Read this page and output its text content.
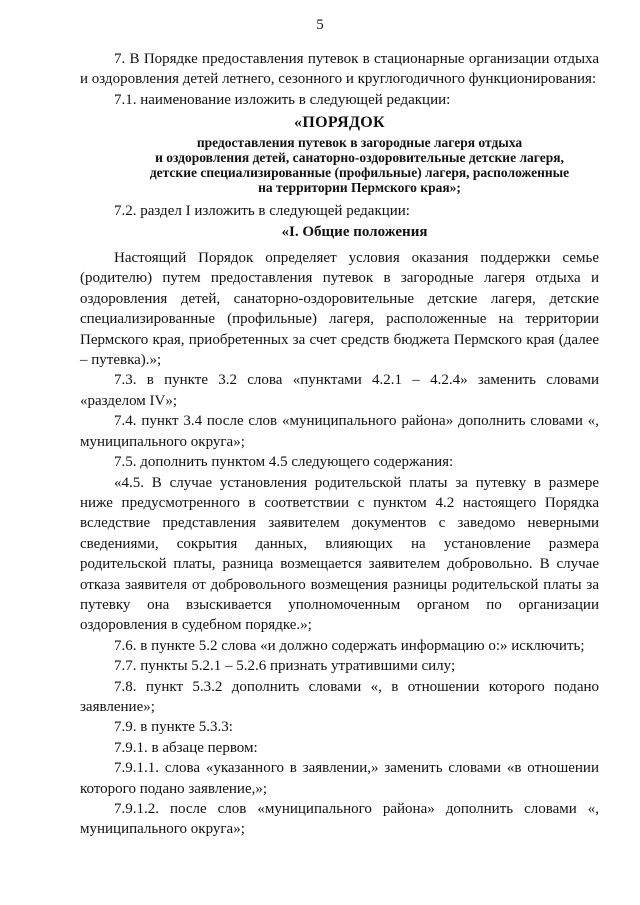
5

7. В Порядке предоставления путевок в стационарные организации отдыха и оздоровления детей летнего, сезонного и круглогодичного функционирования:

7.1. наименование изложить в следующей редакции:

«ПОРЯДОК
предоставления путевок в загородные лагеря отдыха
и оздоровления детей, санаторно-оздоровительные детские лагеря,
детские специализированные (профильные) лагеря, расположенные
на территории Пермского края»;

7.2. раздел I изложить в следующей редакции:

«I. Общие положения

Настоящий Порядок определяет условия оказания поддержки семье (родителю) путем предоставления путевок в загородные лагеря отдыха и оздоровления детей, санаторно-оздоровительные детские лагеря, детские специализированные (профильные) лагеря, расположенные на территории Пермского края, приобретенных за счет средств бюджета Пермского края (далее – путевка).»;

7.3. в пункте 3.2 слова «пунктами 4.2.1 – 4.2.4» заменить словами «разделом IV»;

7.4. пункт 3.4 после слов «муниципального района» дополнить словами «, муниципального округа»;

7.5. дополнить пунктом 4.5 следующего содержания:

«4.5. В случае установления родительской платы за путевку в размере ниже предусмотренного в соответствии с пунктом 4.2 настоящего Порядка вследствие представления заявителем документов с заведомо неверными сведениями, сокрытия данных, влияющих на установление размера родительской платы, разница возмещается заявителем добровольно. В случае отказа заявителя от добровольного возмещения разницы родительской платы за путевку она взыскивается уполномоченным органом по организации оздоровления в судебном порядке.»;

7.6. в пункте 5.2 слова «и должно содержать информацию о:» исключить;

7.7. пункты 5.2.1 – 5.2.6 признать утратившими силу;

7.8. пункт 5.3.2 дополнить словами «, в отношении которого подано заявление»;

7.9. в пункте 5.3.3:

7.9.1. в абзаце первом:

7.9.1.1. слова «указанного в заявлении,» заменить словами «в отношении которого подано заявление,»;

7.9.1.2. после слов «муниципального района» дополнить словами «, муниципального округа»;
